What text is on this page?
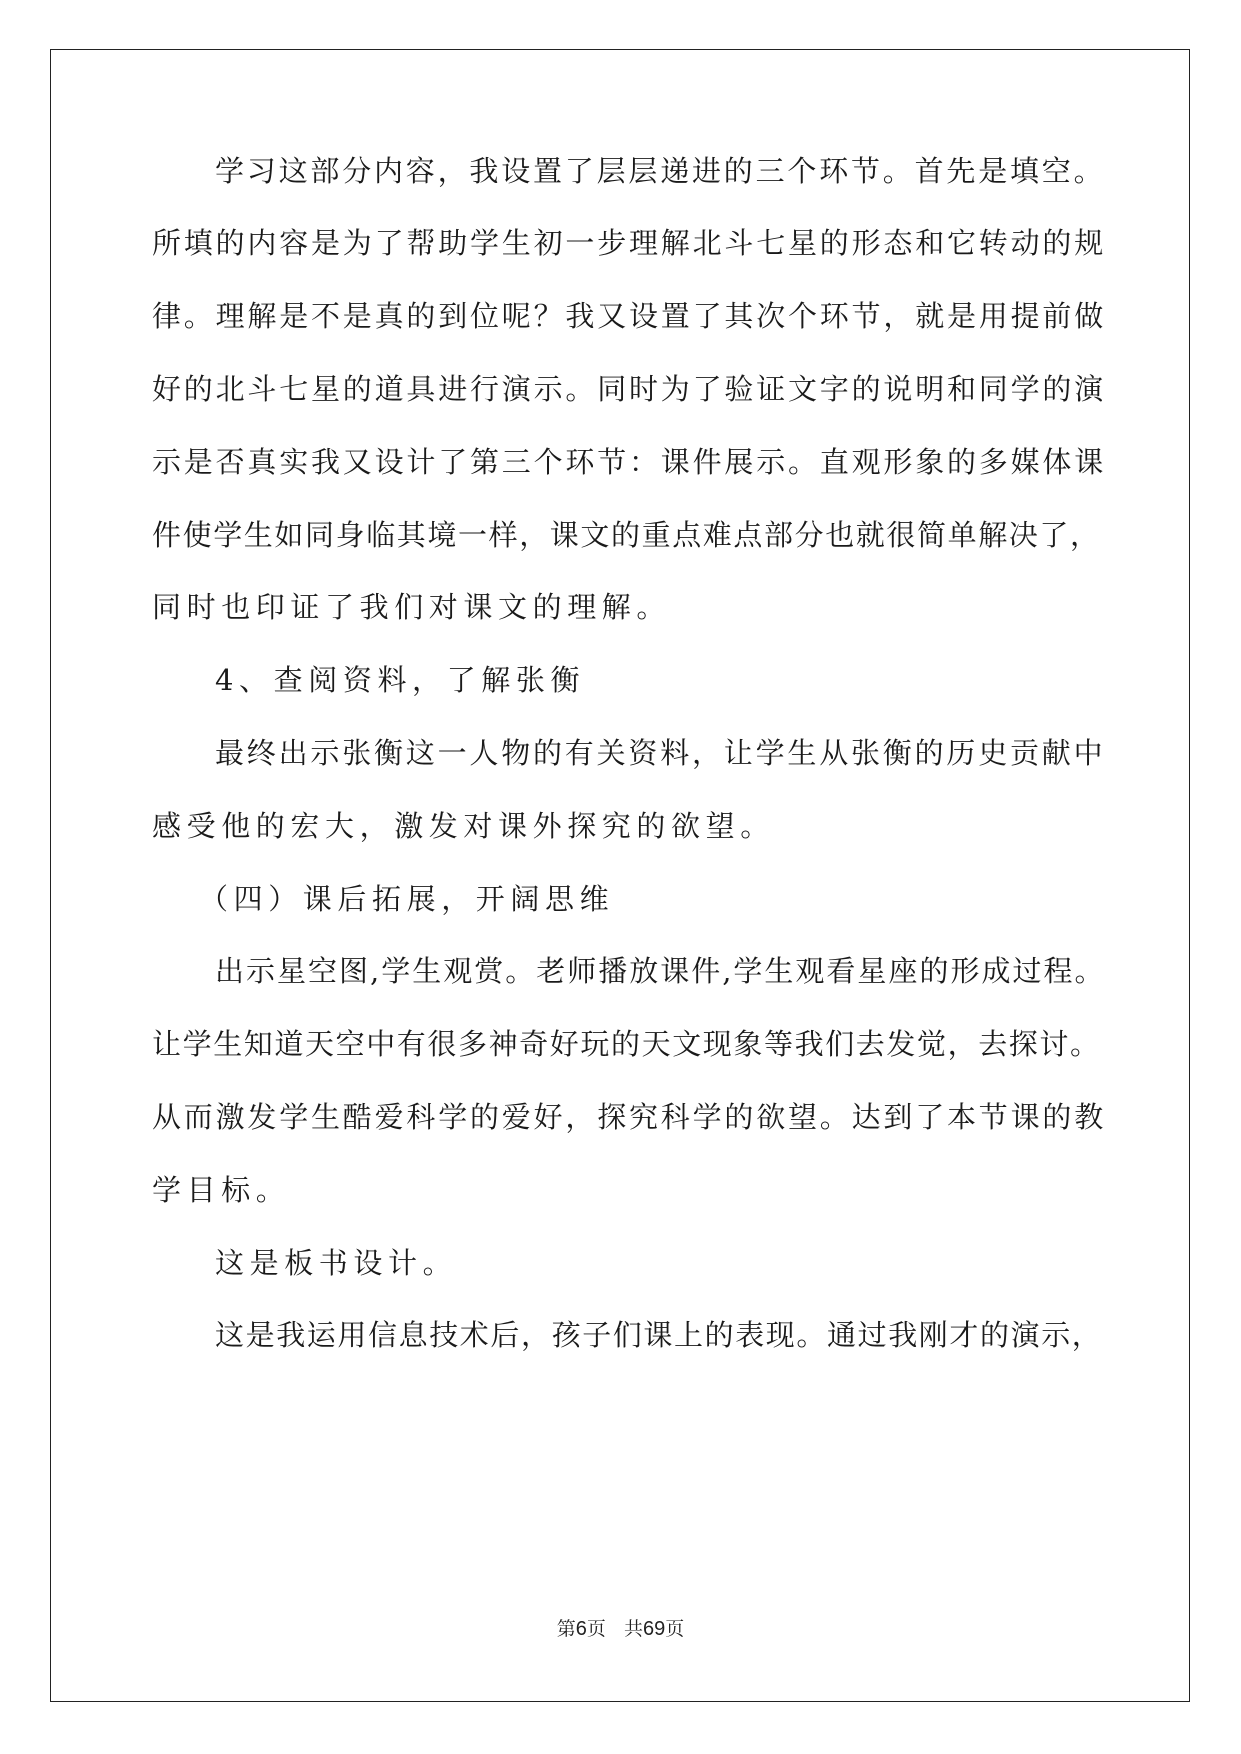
学习这部分内容，我设置了层层递进的三个环节。首先是填空。
所填的内容是为了帮助学生初一步理解北斗七星的形态和它转动的规
律。理解是不是真的到位呢？我又设置了其次个环节，就是用提前做
好的北斗七星的道具进行演示。同时为了验证文字的说明和同学的演
示是否真实我又设计了第三个环节：课件展示。直观形象的多媒体课
件使学生如同身临其境一样，课文的重点难点部分也就很简单解决了，
同时也印证了我们对课文的理解。
4、查阅资料，了解张衡
最终出示张衡这一人物的有关资料，让学生从张衡的历史贡献中
感受他的宏大，激发对课外探究的欲望。
（四）课后拓展，开阔思维
出示星空图,学生观赏。老师播放课件,学生观看星座的形成过程。
让学生知道天空中有很多神奇好玩的天文现象等我们去发觉，去探讨。
从而激发学生酷爱科学的爱好，探究科学的欲望。达到了本节课的教
学目标。
这是板书设计。
这是我运用信息技术后，孩子们课上的表现。通过我刚才的演示，
第6页 共69页
